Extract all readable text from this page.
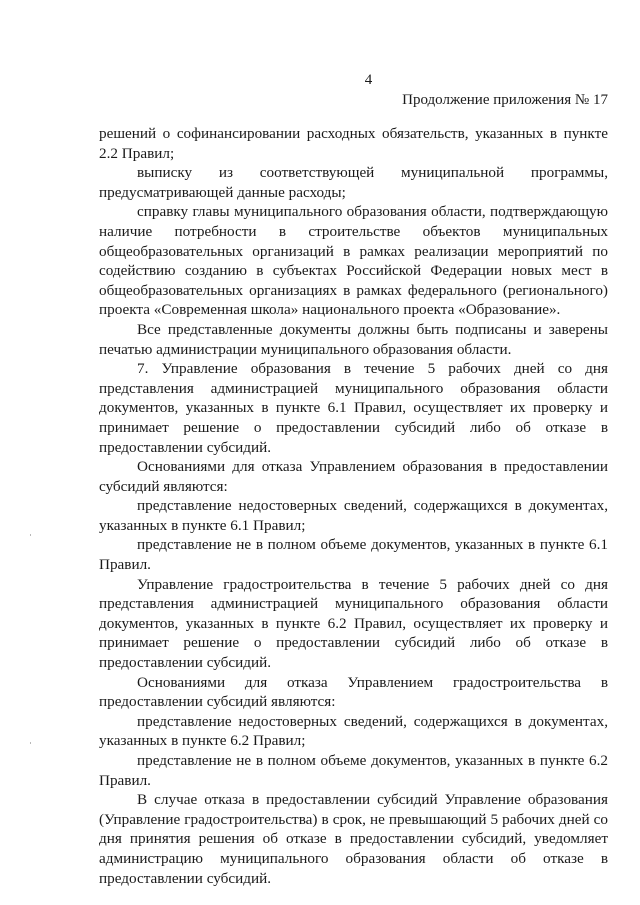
4
Продолжение приложения № 17

решений о софинансировании расходных обязательств, указанных в пункте 2.2 Правил;

выписку из соответствующей муниципальной программы, предусматривающей данные расходы;

справку главы муниципального образования области, подтверждающую наличие потребности в строительстве объектов муниципальных общеобразовательных организаций в рамках реализации мероприятий по содействию созданию в субъектах Российской Федерации новых мест в общеобразовательных организациях в рамках федерального (регионального) проекта «Современная школа» национального проекта «Образование».

Все представленные документы должны быть подписаны и заверены печатью администрации муниципального образования области.

7. Управление образования в течение 5 рабочих дней со дня представления администрацией муниципального образования области документов, указанных в пункте 6.1 Правил, осуществляет их проверку и принимает решение о предоставлении субсидий либо об отказе в предоставлении субсидий.

Основаниями для отказа Управлением образования в предоставлении субсидий являются:

представление недостоверных сведений, содержащихся в документах, указанных в пункте 6.1 Правил;

представление не в полном объеме документов, указанных в пункте 6.1 Правил.

Управление градостроительства в течение 5 рабочих дней со дня представления администрацией муниципального образования области документов, указанных в пункте 6.2 Правил, осуществляет их проверку и принимает решение о предоставлении субсидий либо об отказе в предоставлении субсидий.

Основаниями для отказа Управлением градостроительства в предоставлении субсидий являются:

представление недостоверных сведений, содержащихся в документах, указанных в пункте 6.2 Правил;

представление не в полном объеме документов, указанных в пункте 6.2 Правил.

В случае отказа в предоставлении субсидий Управление образования (Управление градостроительства) в срок, не превышающий 5 рабочих дней со дня принятия решения об отказе в предоставлении субсидий, уведомляет администрацию муниципального образования области об отказе в предоставлении субсидий.
